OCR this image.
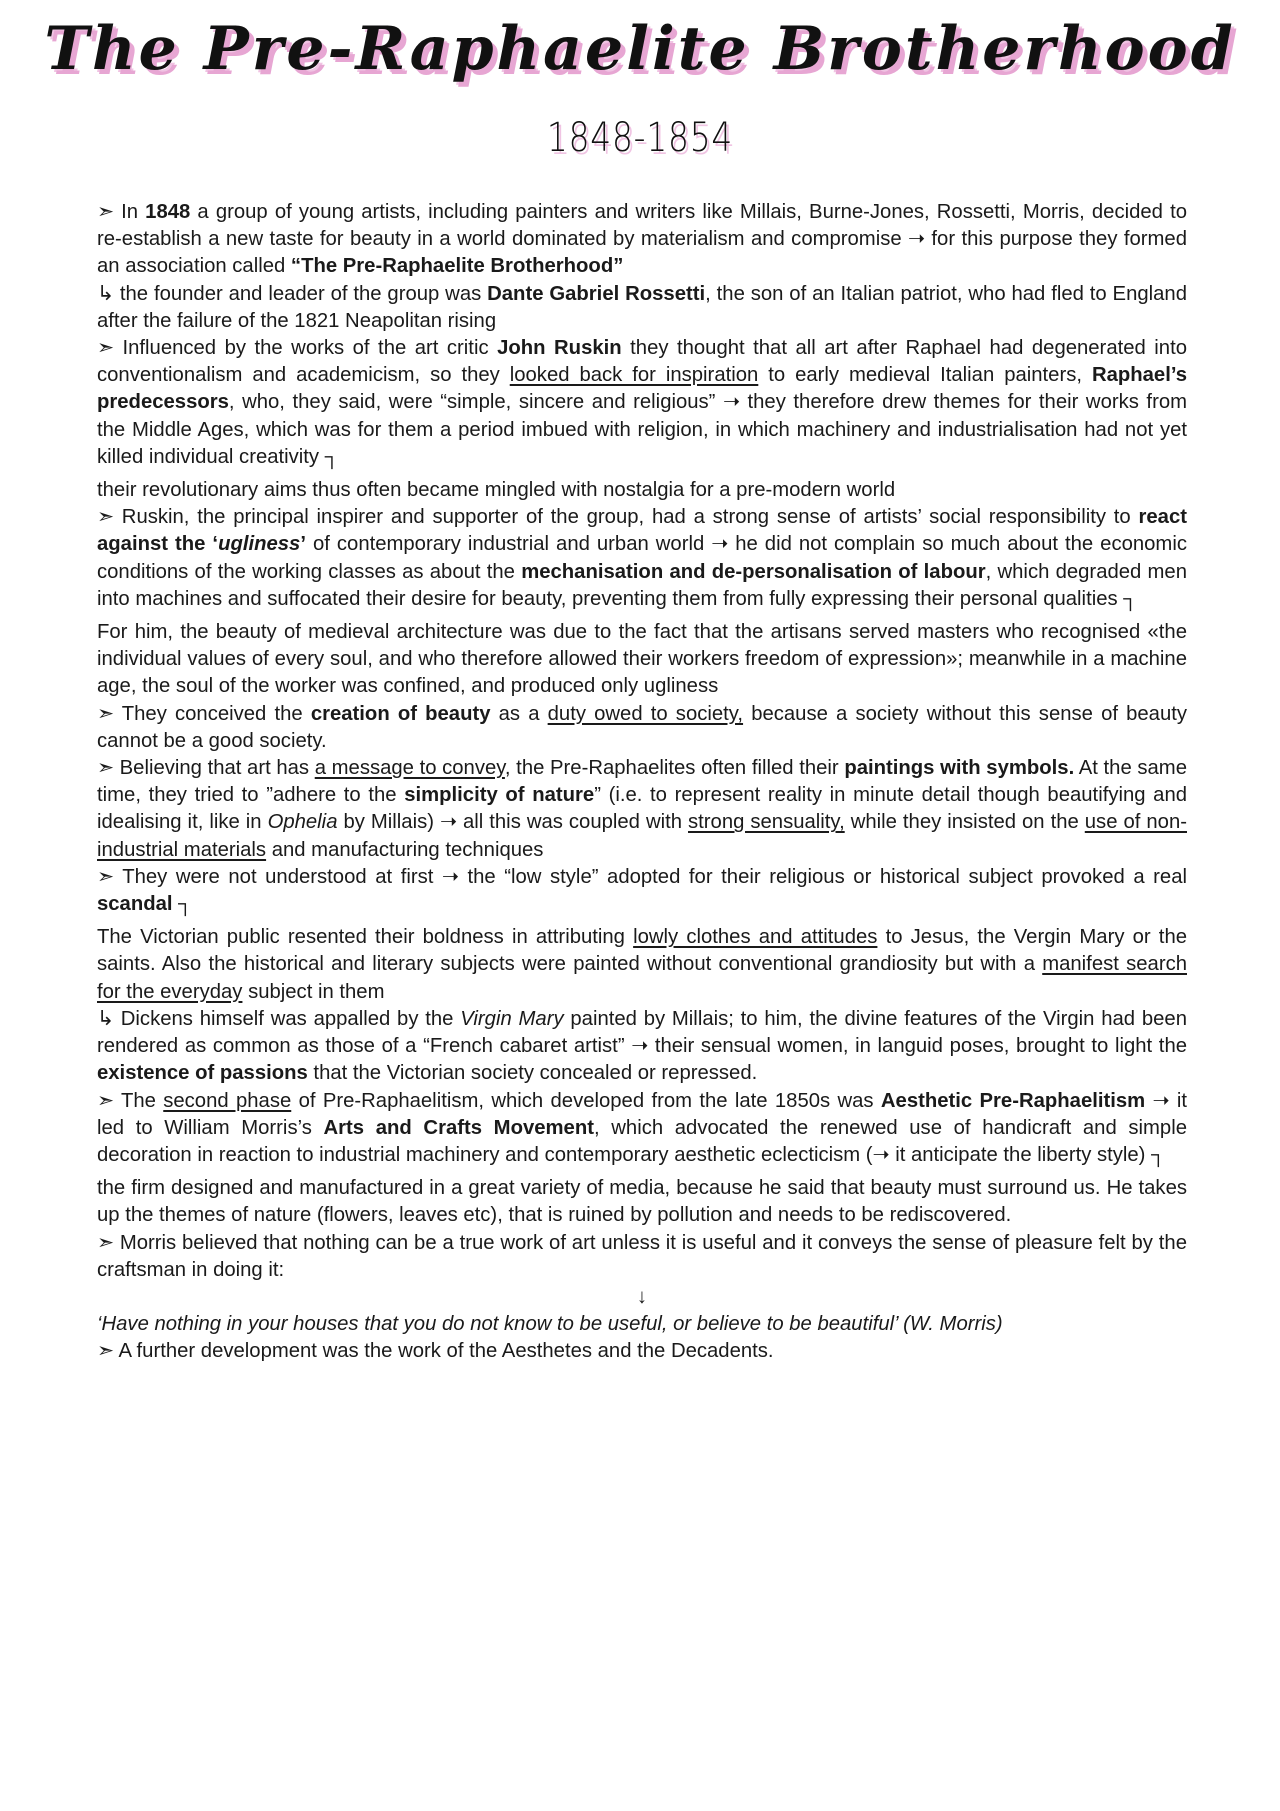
The Pre-Raphaelite Brotherhood
1848-1854

➣ In 1848 a group of young artists, including painters and writers like Millais, Burne-Jones, Rossetti, Morris, decided to re-establish a new taste for beauty in a world dominated by materialism and compromise ➝ for this purpose they formed an association called “The Pre-Raphaelite Brotherhood”

↳ the founder and leader of the group was Dante Gabriel Rossetti, the son of an Italian patriot, who had fled to England after the failure of the 1821 Neapolitan rising

➣ Influenced by the works of the art critic John Ruskin they thought that all art after Raphael had degenerated into conventionalism and academicism, so they looked back for inspiration to early medieval Italian painters, Raphael’s predecessors, who, they said, were “simple, sincere and religious” ➝ they therefore drew themes for their works from the Middle Ages, which was for them a period imbued with religion, in which machinery and industrialisation had not yet killed individual creativity ┐

their revolutionary aims thus often became mingled with nostalgia for a pre-modern world

➣ Ruskin, the principal inspirer and supporter of the group, had a strong sense of artists’ social responsibility to react against the ‘ugliness’ of contemporary industrial and urban world ➝ he did not complain so much about the economic conditions of the working classes as about the mechanisation and de-personalisation of labour, which degraded men into machines and suffocated their desire for beauty, preventing them from fully expressing their personal qualities ┐

For him, the beauty of medieval architecture was due to the fact that the artisans served masters who recognised «the individual values of every soul, and who therefore allowed their workers freedom of expression»; meanwhile in a machine age, the soul of the worker was confined, and produced only ugliness

➣ They conceived the creation of beauty as a duty owed to society, because a society without this sense of beauty cannot be a good society.

➣ Believing that art has a message to convey, the Pre-Raphaelites often filled their paintings with symbols. At the same time, they tried to ”adhere to the simplicity of nature” (i.e. to represent reality in minute detail though beautifying and idealising it, like in Ophelia by Millais) ➝ all this was coupled with strong sensuality, while they insisted on the use of non-industrial materials and manufacturing techniques

➣ They were not understood at first ➝ the “low style” adopted for their religious or historical subject provoked a real scandal ┐

The Victorian public resented their boldness in attributing lowly clothes and attitudes to Jesus, the Vergin Mary or the saints. Also the historical and literary subjects were painted without conventional grandiosity but with a manifest search for the everyday subject in them

↳ Dickens himself was appalled by the Virgin Mary painted by Millais; to him, the divine features of the Virgin had been rendered as common as those of a “French cabaret artist” ➝ their sensual women, in languid poses, brought to light the existence of passions that the Victorian society concealed or repressed.

➣ The second phase of Pre-Raphaelitism, which developed from the late 1850s was Aesthetic Pre-Raphaelitism ➝ it led to William Morris’s Arts and Crafts Movement, which advocated the renewed use of handicraft and simple decoration in reaction to industrial machinery and contemporary aesthetic eclecticism (➝ it anticipate the liberty style) ┐

the firm designed and manufactured in a great variety of media, because he said that beauty must surround us. He takes up the themes of nature (flowers, leaves etc), that is ruined by pollution and needs to be rediscovered.

➣ Morris believed that nothing can be a true work of art unless it is useful and it conveys the sense of pleasure felt by the craftsman in doing it:

↓

‘Have nothing in your houses that you do not know to be useful, or believe to be beautiful’ (W. Morris)

➣ A further development was the work of the Aesthetes and the Decadents.
